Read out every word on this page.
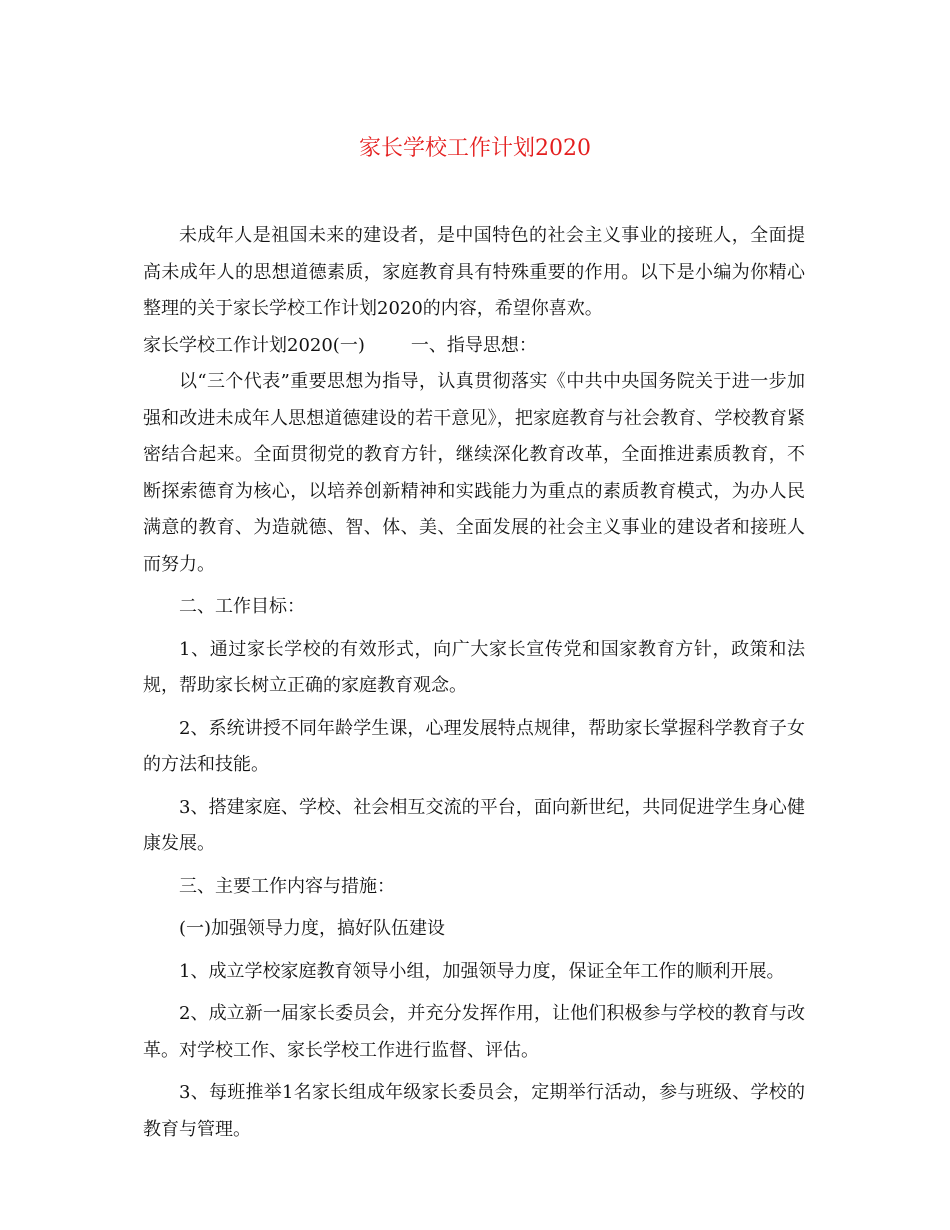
家长学校工作计划2020

未成年人是祖国未来的建设者，是中国特色的社会主义事业的接班人，全面提高未成年人的思想道德素质，家庭教育具有特殊重要的作用。以下是小编为你精心整理的关于家长学校工作计划2020的内容，希望你喜欢。

家长学校工作计划2020(一)	一、指导思想：

以“三个代表”重要思想为指导，认真贯彻落实《中共中央国务院关于进一步加强和改进未成年人思想道德建设的若干意见》，把家庭教育与社会教育、学校教育紧密结合起来。全面贯彻党的教育方针，继续深化教育改革，全面推进素质教育，不断探索德育为核心，以培养创新精神和实践能力为重点的素质教育模式，为办人民满意的教育、为造就德、智、体、美、全面发展的社会主义事业的建设者和接班人而努力。

二、工作目标：

1、通过家长学校的有效形式，向广大家长宣传党和国家教育方针，政策和法规，帮助家长树立正确的家庭教育观念。

2、系统讲授不同年龄学生课，心理发展特点规律，帮助家长掌握科学教育子女的方法和技能。

3、搭建家庭、学校、社会相互交流的平台，面向新世纪，共同促进学生身心健康发展。

三、主要工作内容与措施：

(一)加强领导力度，搞好队伍建设

1、成立学校家庭教育领导小组，加强领导力度，保证全年工作的顺利开展。

2、成立新一届家长委员会，并充分发挥作用，让他们积极参与学校的教育与改革。对学校工作、家长学校工作进行监督、评估。

3、每班推举1名家长组成年级家长委员会，定期举行活动，参与班级、学校的教育与管理。
